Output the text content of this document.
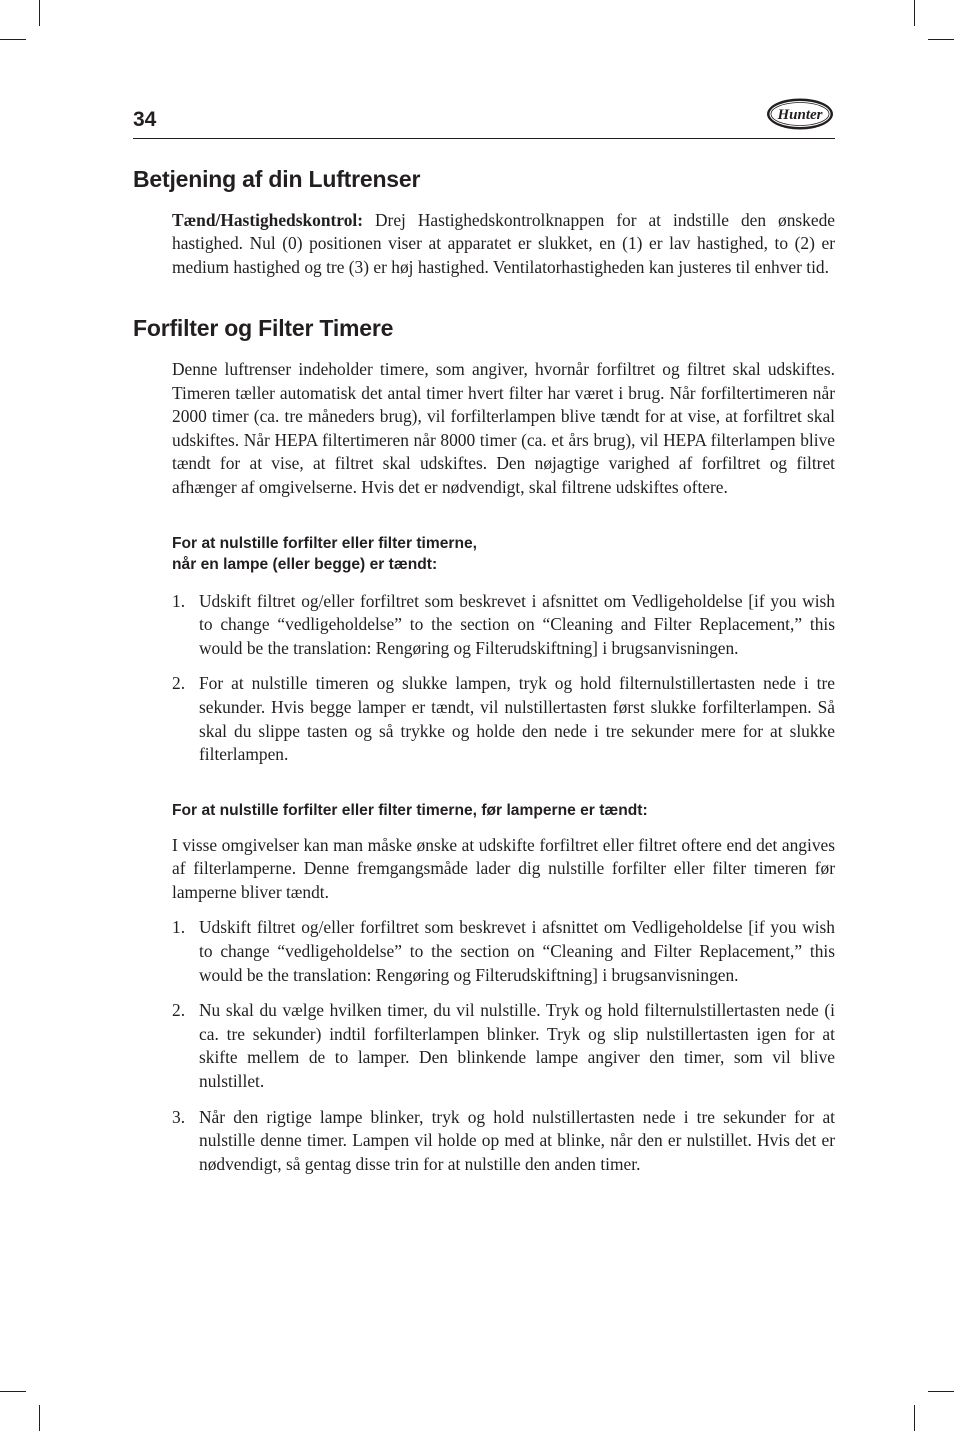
34	Hunter
Betjening af din Luftrenser

Tænd/Hastighedskontrol: Drej Hastighedskontrolknappen for at indstille den ønskede hastighed. Nul (0) positionen viser at apparatet er slukket, en (1) er lav hastighed, to (2) er medium hastighed og tre (3) er høj hastighed. Ventilatorhastigheden kan justeres til enhver tid.

Forfilter og Filter Timere

Denne luftrenser indeholder timere, som angiver, hvornår forfiltret og filtret skal udskiftes. Timeren tæller automatisk det antal timer hvert filter har været i brug. Når forfiltertimeren når 2000 timer (ca. tre måneders brug), vil forfilterlampen blive tændt for at vise, at forfiltret skal udskiftes. Når HEPA filtertimeren når 8000 timer (ca. et års brug), vil HEPA filterlampen blive tændt for at vise, at filtret skal udskiftes. Den nøjagtige varighed af forfiltret og filtret afhænger af omgivelserne. Hvis det er nødvendigt, skal filtrene udskiftes oftere.

For at nulstille forfilter eller filter timerne,
når en lampe (eller begge) er tændt:
1. Udskift filtret og/eller forfiltret som beskrevet i afsnittet om Vedligeholdelse [if you wish to change “vedligeholdelse” to the section on “Cleaning and Filter Replacement,” this would be the translation: Rengøring og Filterudskiftning] i brugsanvisningen.
2. For at nulstille timeren og slukke lampen, tryk og hold filternulstillertasten nede i tre sekunder. Hvis begge lamper er tændt, vil nulstillertasten først slukke forfilterlampen. Så skal du slippe tasten og så trykke og holde den nede i tre sekunder mere for at slukke filterlampen.
For at nulstille forfilter eller filter timerne, før lamperne er tændt:

I visse omgivelser kan man måske ønske at udskifte forfiltret eller filtret oftere end det angives af filterlamperne. Denne fremgangsmåde lader dig nulstille forfilter eller filter timeren før lamperne bliver tændt.

1. Udskift filtret og/eller forfiltret som beskrevet i afsnittet om Vedligeholdelse [if you wish to change “vedligeholdelse” to the section on “Cleaning and Filter Replacement,” this would be the translation: Rengøring og Filterudskiftning] i brugsanvisningen.
2. Nu skal du vælge hvilken timer, du vil nulstille. Tryk og hold filternulstillertasten nede (i ca. tre sekunder) indtil forfilterlampen blinker. Tryk og slip nulstillertasten igen for at skifte mellem de to lamper. Den blinkende lampe angiver den timer, som vil blive nulstillet.
3. Når den rigtige lampe blinker, tryk og hold nulstillertasten nede i tre sekunder for at nulstille denne timer. Lampen vil holde op med at blinke, når den er nulstillet. Hvis det er nødvendigt, så gentag disse trin for at nulstille den anden timer.
